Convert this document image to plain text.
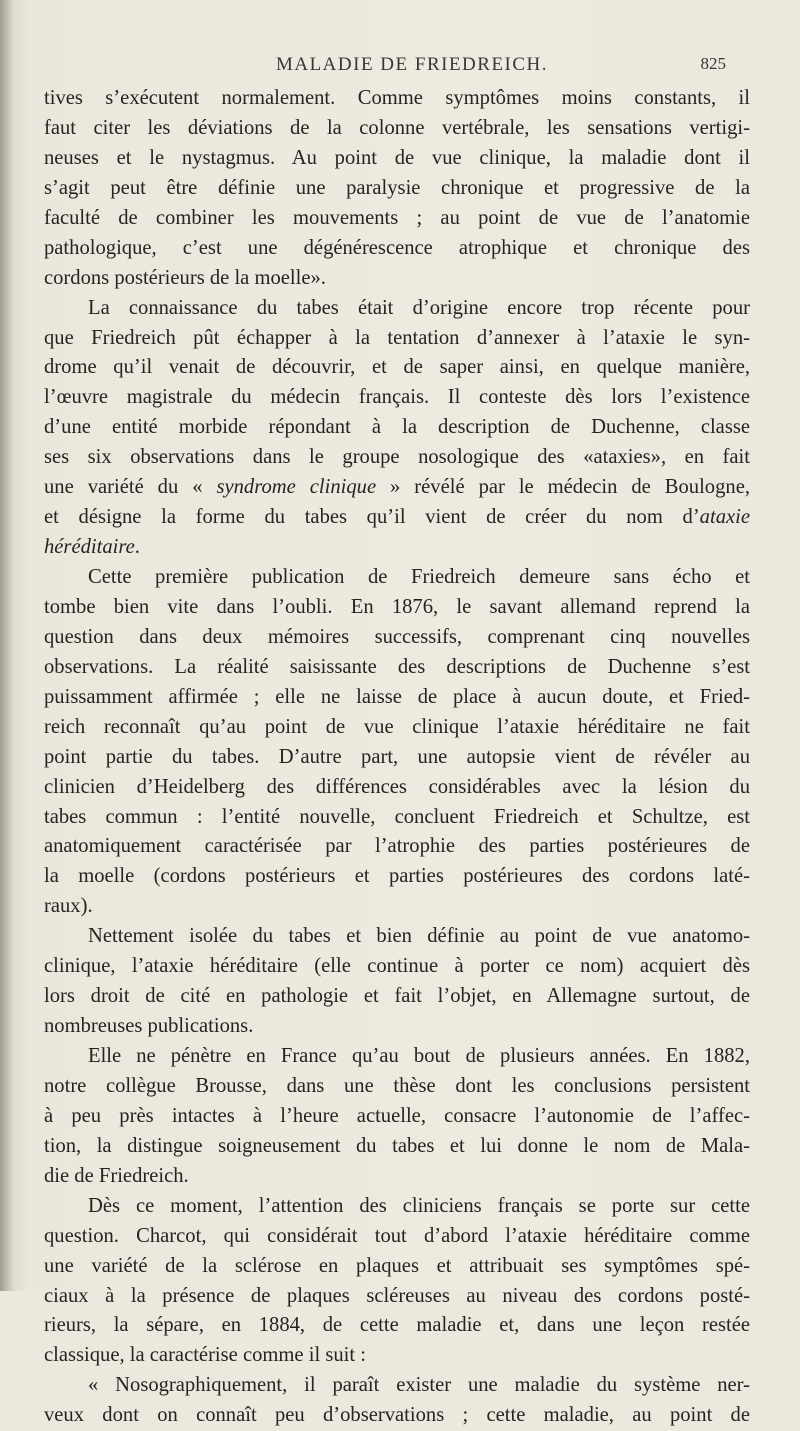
MALADIE DE FRIEDREICH.	825
tives s’exécutent normalement. Comme symptômes moins constants, il
faut citer les déviations de la colonne vertébrale, les sensations vertigi-
neuses et le nystagmus. Au point de vue clinique, la maladie dont il
s’agit peut être définie une paralysie chronique et progressive de la
faculté de combiner les mouvements ; au point de vue de l’anatomie
pathologique, c’est une dégénérescence atrophique et chronique des
cordons postérieurs de la moelle».
La connaissance du tabes était d’origine encore trop récente pour
que Friedreich pût échapper à la tentation d’annexer à l’ataxie le syn-
drome qu’il venait de découvrir, et de saper ainsi, en quelque manière,
l’œuvre magistrale du médecin français. Il conteste dès lors l’existence
d’une entité morbide répondant à la description de Duchenne, classe
ses six observations dans le groupe nosologique des «ataxies», en fait
une variété du « syndrome clinique » révélé par le médecin de Boulogne,
et désigne la forme du tabes qu’il vient de créer du nom d’ataxie
héréditaire.
Cette première publication de Friedreich demeure sans écho et
tombe bien vite dans l’oubli. En 1876, le savant allemand reprend la
question dans deux mémoires successifs, comprenant cinq nouvelles
observations. La réalité saisissante des descriptions de Duchenne s’est
puissamment affirmée ; elle ne laisse de place à aucun doute, et Fried-
reich reconnaît qu’au point de vue clinique l’ataxie héréditaire ne fait
point partie du tabes. D’autre part, une autopsie vient de révéler au
clinicien d’Heidelberg des différences considérables avec la lésion du
tabes commun : l’entité nouvelle, concluent Friedreich et Schultze, est
anatomiquement caractérisée par l’atrophie des parties postérieures de
la moelle (cordons postérieurs et parties postérieures des cordons laté-
raux).
Nettement isolée du tabes et bien définie au point de vue anatomo-
clinique, l’ataxie héréditaire (elle continue à porter ce nom) acquiert dès
lors droit de cité en pathologie et fait l’objet, en Allemagne surtout, de
nombreuses publications.
Elle ne pénètre en France qu’au bout de plusieurs années. En 1882,
notre collègue Brousse, dans une thèse dont les conclusions persistent
à peu près intactes à l’heure actuelle, consacre l’autonomie de l’affec-
tion, la distingue soigneusement du tabes et lui donne le nom de Mala-
die de Friedreich.
Dès ce moment, l’attention des cliniciens français se porte sur cette
question. Charcot, qui considérait tout d’abord l’ataxie héréditaire comme
une variété de la sclérose en plaques et attribuait ses symptômes spé-
ciaux à la présence de plaques scléreuses au niveau des cordons posté-
rieurs, la sépare, en 1884, de cette maladie et, dans une leçon restée
classique, la caractérise comme il suit :
« Nosographiquement, il paraît exister une maladie du système ner-
veux dont on connaît peu d’observations ; cette maladie, au point de
